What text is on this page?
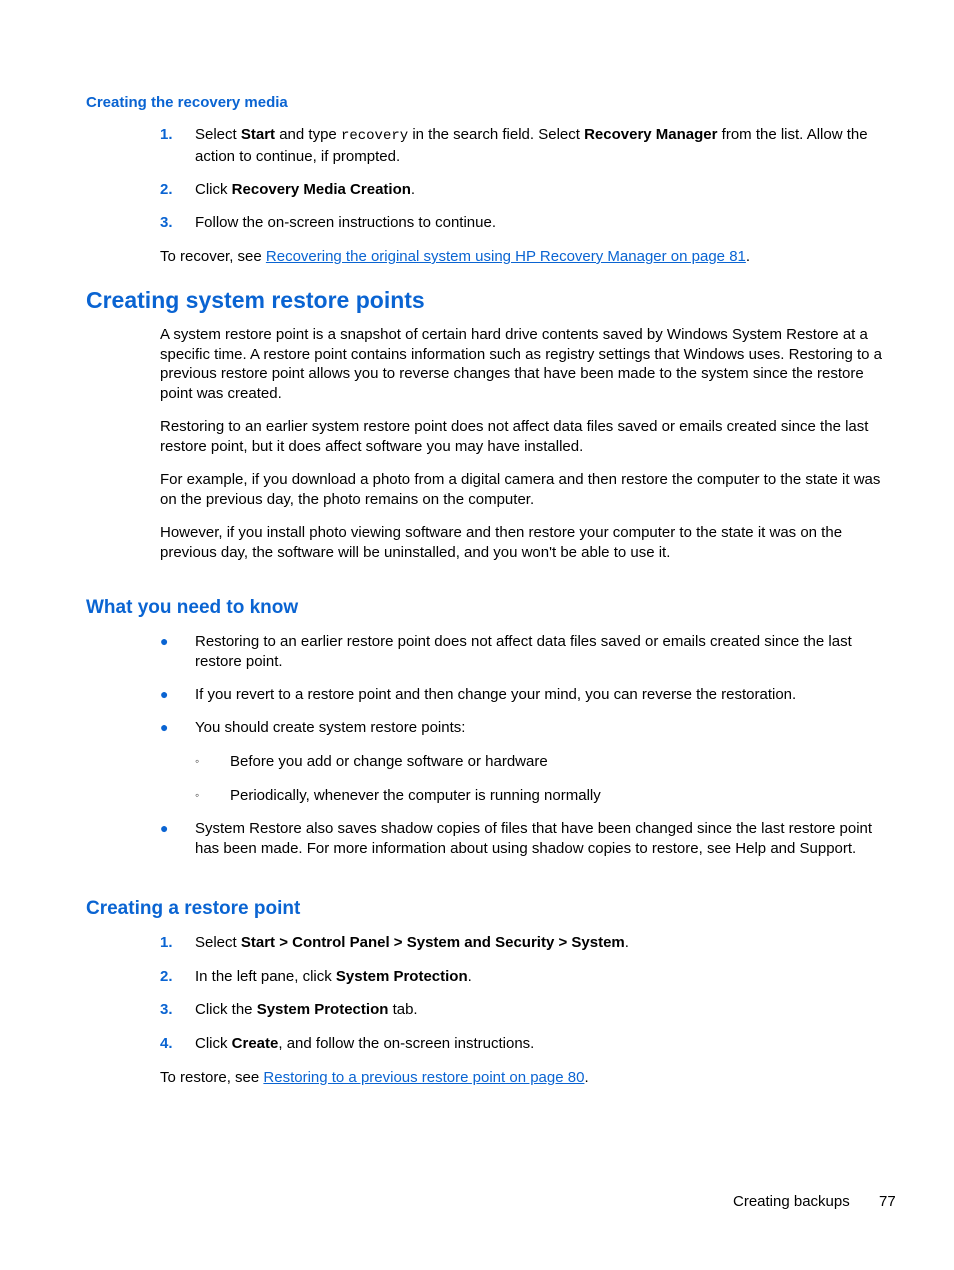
Creating the recovery media
1. Select Start and type recovery in the search field. Select Recovery Manager from the list. Allow the action to continue, if prompted.
2. Click Recovery Media Creation.
3. Follow the on-screen instructions to continue.
To recover, see Recovering the original system using HP Recovery Manager on page 81.
Creating system restore points
A system restore point is a snapshot of certain hard drive contents saved by Windows System Restore at a specific time. A restore point contains information such as registry settings that Windows uses. Restoring to a previous restore point allows you to reverse changes that have been made to the system since the restore point was created.
Restoring to an earlier system restore point does not affect data files saved or emails created since the last restore point, but it does affect software you may have installed.
For example, if you download a photo from a digital camera and then restore the computer to the state it was on the previous day, the photo remains on the computer.
However, if you install photo viewing software and then restore your computer to the state it was on the previous day, the software will be uninstalled, and you won't be able to use it.
What you need to know
● Restoring to an earlier restore point does not affect data files saved or emails created since the last restore point.
● If you revert to a restore point and then change your mind, you can reverse the restoration.
● You should create system restore points:
◦ Before you add or change software or hardware
◦ Periodically, whenever the computer is running normally
● System Restore also saves shadow copies of files that have been changed since the last restore point has been made. For more information about using shadow copies to restore, see Help and Support.
Creating a restore point
1. Select Start > Control Panel > System and Security > System.
2. In the left pane, click System Protection.
3. Click the System Protection tab.
4. Click Create, and follow the on-screen instructions.
To restore, see Restoring to a previous restore point on page 80.
Creating backups 77
